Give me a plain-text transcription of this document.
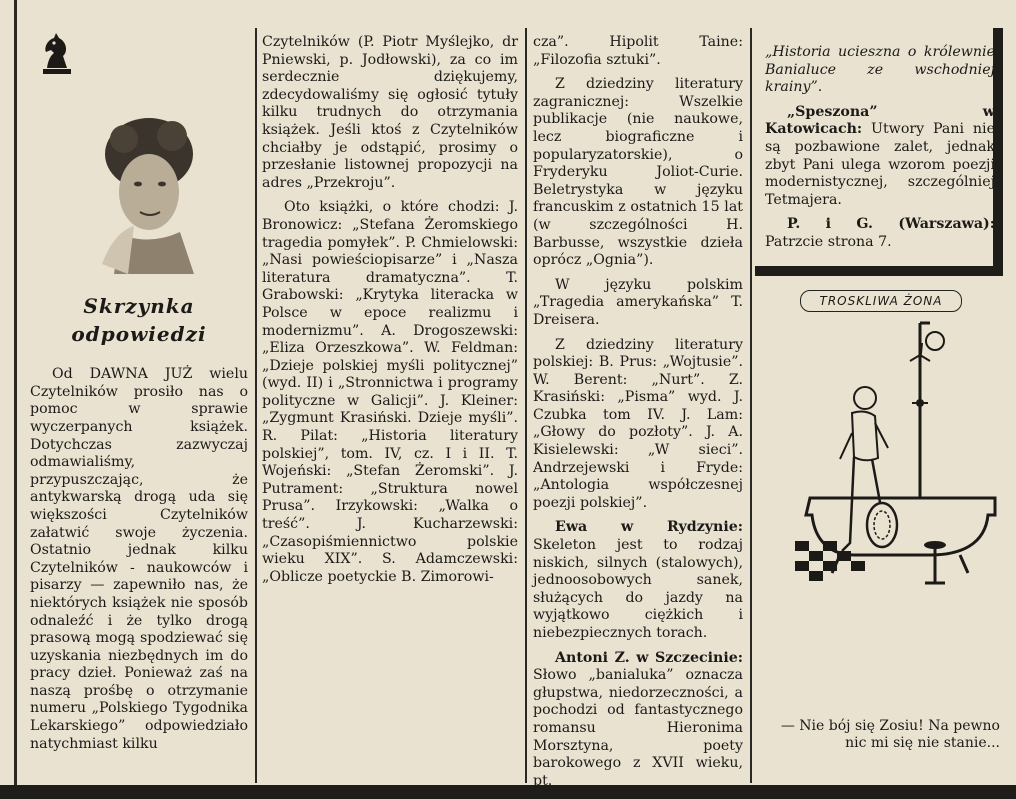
Skrzynka odpowiedzi

Od DAWNA JUŻ wielu Czytelników prosiło nas o pomoc w sprawie wyczerpanych książek. Dotychczas zazwyczaj odmawialiśmy, przypuszczając, że antykwarską drogą uda się większości Czytelników załatwić swoje życzenia. Ostatnio jednak kilku Czytelników - naukowców i pisarzy — zapewniło nas, że niektórych książek nie sposób odnaleźć i że tylko drogą prasową mogą spodziewać się uzyskania niezbędnych im do pracy dzieł. Ponieważ zaś na naszą prośbę o otrzymanie numeru „Polskiego Tygodnika Lekarskiego” odpowiedziało natychmiast kilku

Czytelników (P. Piotr Myślejko, dr Pniewski, p. Jodłowski), za co im serdecznie dziękujemy, zdecydowaliśmy się ogłosić tytuły kilku trudnych do otrzymania książek. Jeśli ktoś z Czytelników chciałby je odstąpić, prosimy o przesłanie listownej propozycji na adres „Przekroju”.

Oto książki, o które chodzi: J. Bronowicz: „Stefana Żeromskiego tragedia pomyłek”. P. Chmielowski: „Nasi powieściopisarze” i „Nasza literatura dramatyczna”. T. Grabowski: „Krytyka literacka w Polsce w epoce realizmu i modernizmu”. A. Drogoszewski: „Eliza Orzeszkowa”. W. Feldman: „Dzieje polskiej myśli politycznej” (wyd. II) i „Stronnictwa i programy polityczne w Galicji”. J. Kleiner: „Zygmunt Krasiński. Dzieje myśli”. R. Pilat: „Historia literatury polskiej”, tom. IV, cz. I i II. T. Wojeński: „Stefan Żeromski”. J. Putrament: „Struktura nowel Prusa”. Irzykowski: „Walka o treść”. J. Kucharzewski: „Czasopiśmiennictwo polskie wieku XIX”. S. Adamczewski: „Oblicze poetyckie B. Zimorowi-

cza”. Hipolit Taine: „Filozofia sztuki”.

Z dziedziny literatury zagranicznej: Wszelkie publikacje (nie naukowe, lecz biograficzne i popularyzatorskie), o Fryderyku Joliot-Curie. Beletrystyka w języku francuskim z ostatnich 15 lat (w szczególności H. Barbusse, wszystkie dzieła oprócz „Ognia”).

W języku polskim „Tragedia amerykańska” T. Dreisera.

Z dziedziny literatury polskiej: B. Prus: „Wojtusie”. W. Berent: „Nurt”. Z. Krasiński: „Pisma” wyd. J. Czubka tom IV. J. Lam: „Głowy do pozłoty”. J. A. Kisielewski: „W sieci”. Andrzejewski i Fryde: „Antologia współczesnej poezji polskiej”.

Ewa w Rydzynie: Skeleton jest to rodzaj niskich, silnych (stalowych), jednoosobowych sanek, służących do jazdy na wyjątkowo ciężkich i niebezpiecznych torach.

Antoni Z. w Szczecinie: Słowo „banialuka” oznacza głupstwa, niedorzeczności, a pochodzi od fantastycznego romansu Hieronima Morsztyna, poety barokowego z XVII wieku, pt.

„Historia ucieszna o królewnie Banialuce ze wschodniej krainy”.

„Speszona” w Katowicach: Utwory Pani nie są pozbawione zalet, jednak zbyt Pani ulega wzorom poezji modernistycznej, szczególniej Tetmajera.

P. i G. (Warszawa): Patrzcie strona 7.

TROSKLIWA ŻONA
— Nie bój się Zosiu! Na pewno nic mi się nie stanie...
